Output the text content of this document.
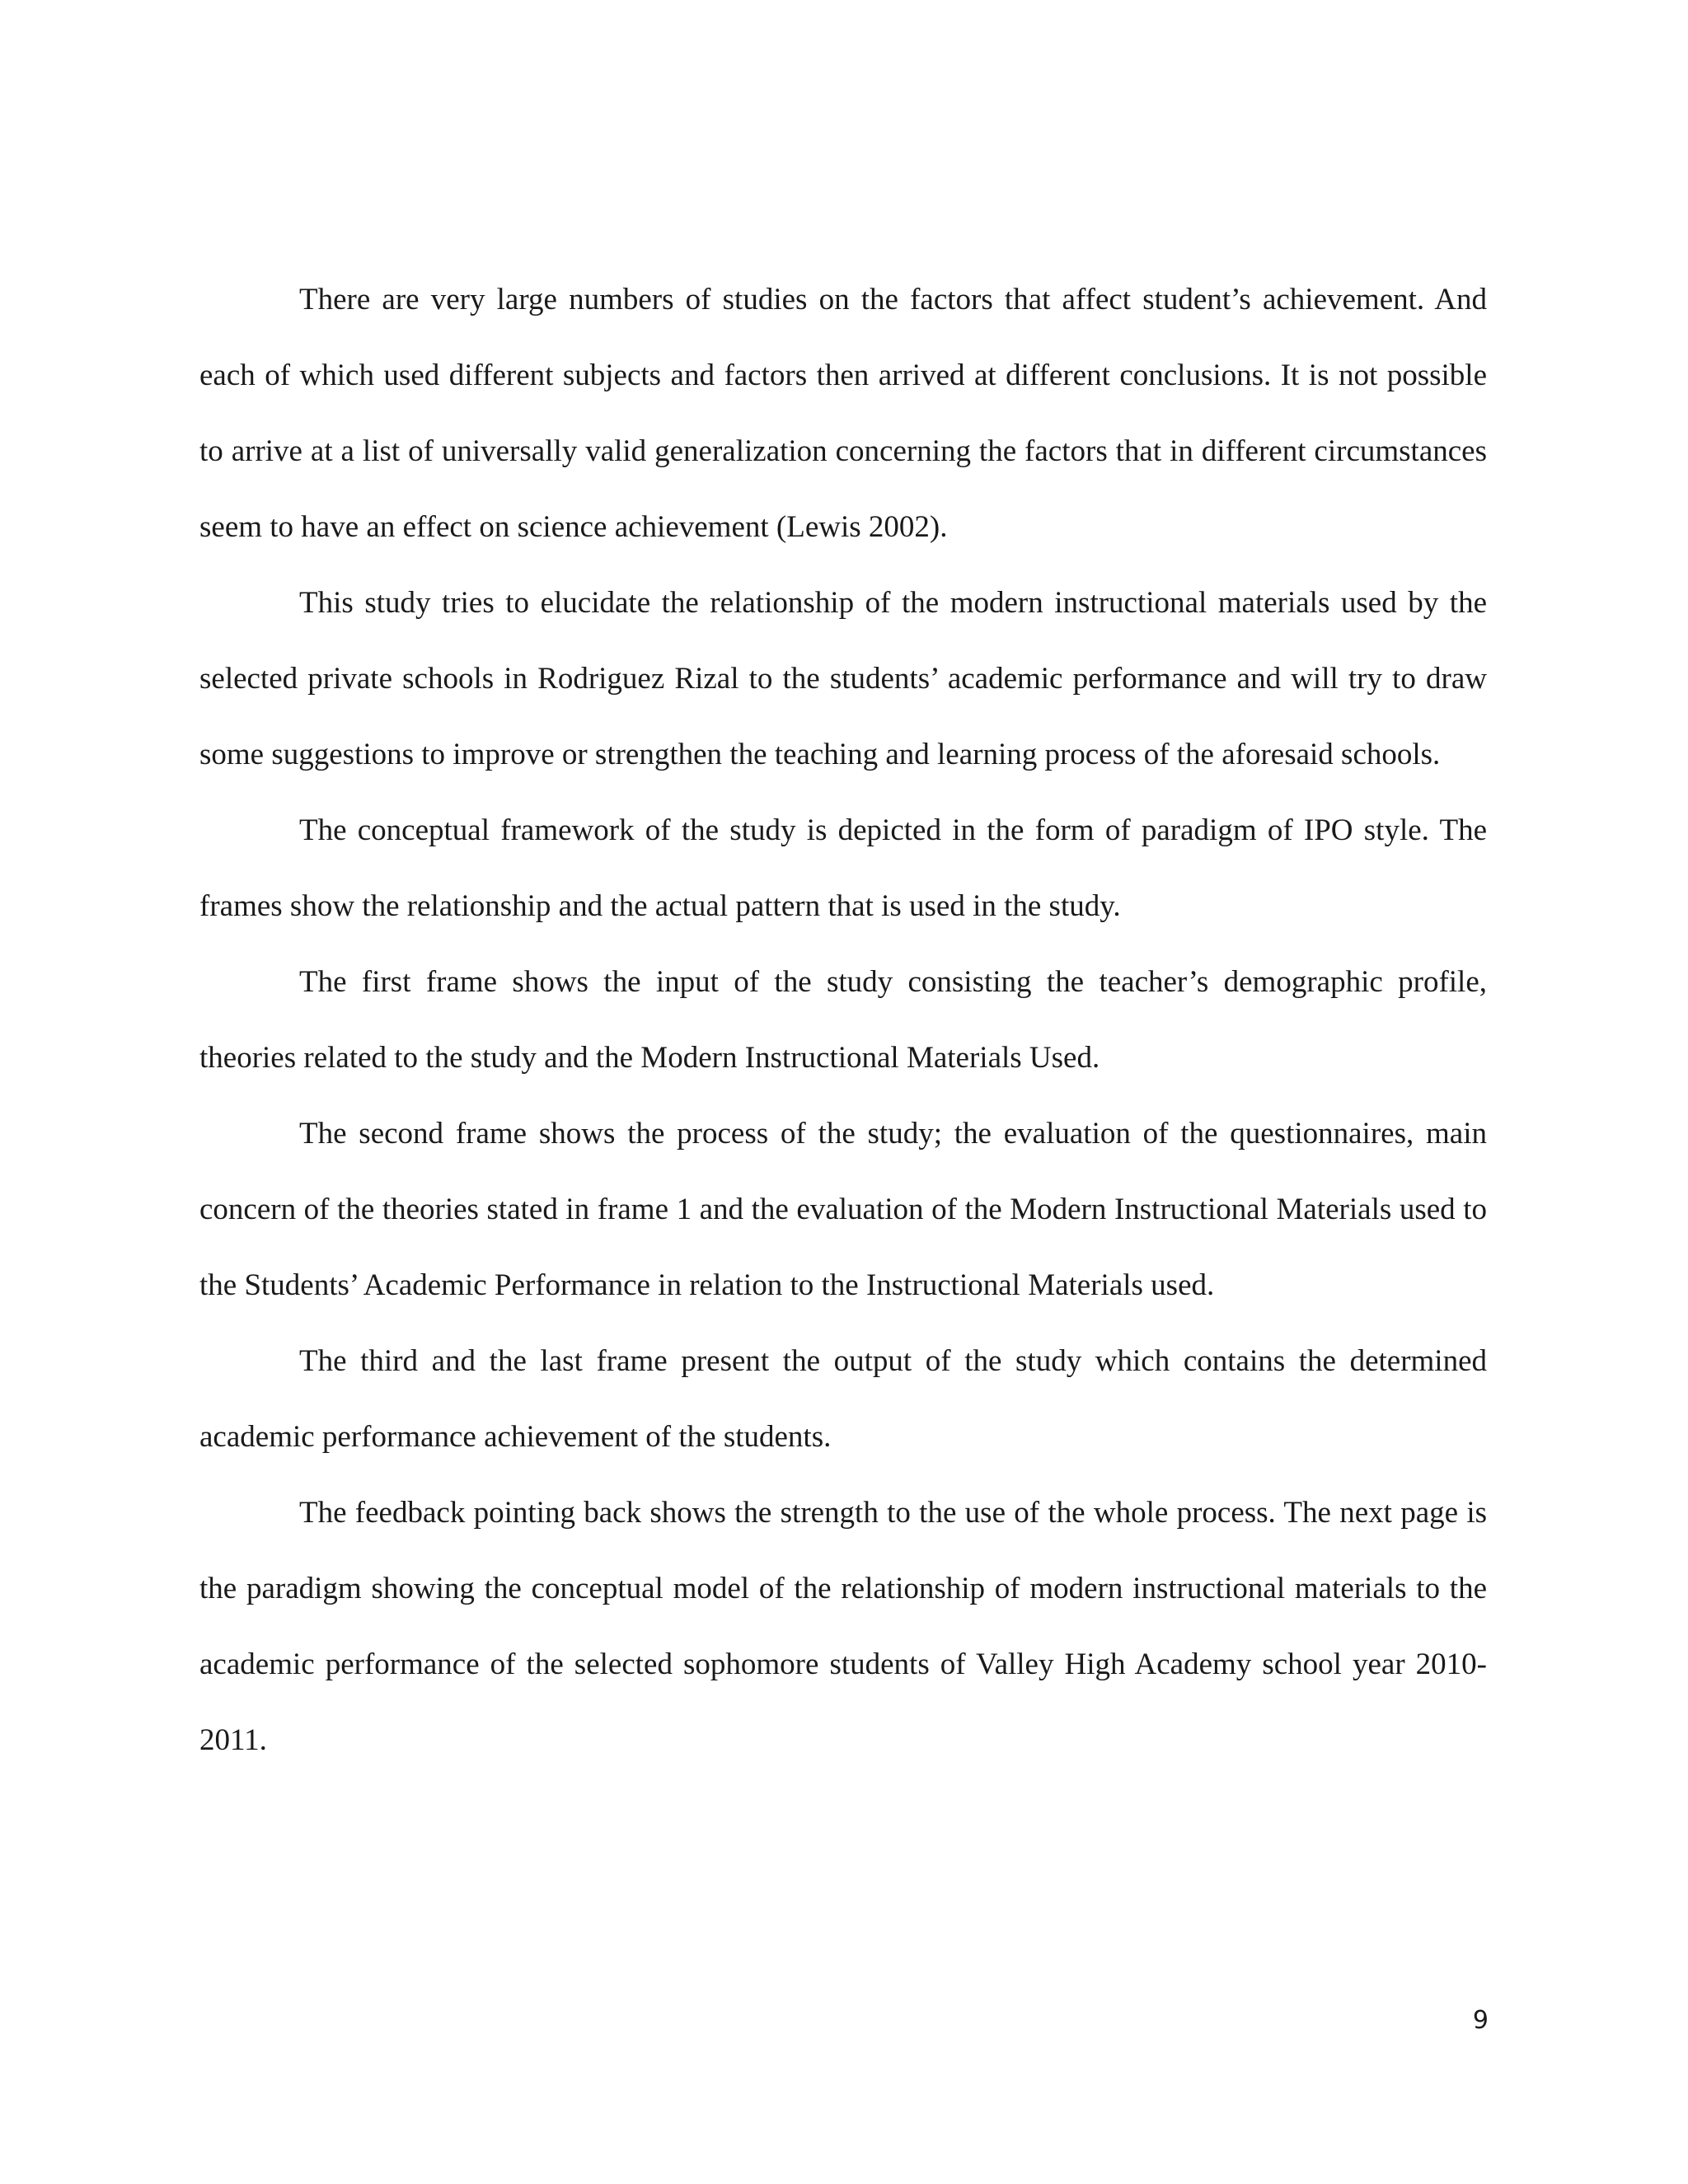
There are very large numbers of studies on the factors that affect student’s achievement. And each of which used different subjects and factors then arrived at different conclusions. It is not possible to arrive at a list of universally valid generalization concerning the factors that in different circumstances seem to have an effect on science achievement (Lewis 2002).

This study tries to elucidate the relationship of the modern instructional materials used by the selected private schools in Rodriguez Rizal to the students’ academic performance and will try to draw some suggestions to improve or strengthen the teaching and learning process of the aforesaid schools.

The conceptual framework of the study is depicted in the form of paradigm of IPO style. The frames show the relationship and the actual pattern that is used in the study.

The first frame shows the input of the study consisting the teacher’s demographic profile, theories related to the study and the Modern Instructional Materials Used.

The second frame shows the process of the study; the evaluation of the questionnaires, main concern of the theories stated in frame 1 and the evaluation of the Modern Instructional Materials used to the Students’ Academic Performance in relation to the Instructional Materials used.

The third and the last frame present the output of the study which contains the determined academic performance achievement of the students.

The feedback pointing back shows the strength to the use of the whole process. The next page is the paradigm showing the conceptual model of the relationship of modern instructional materials to the academic performance of the selected sophomore students of Valley High Academy school year 2010-2011.

9
